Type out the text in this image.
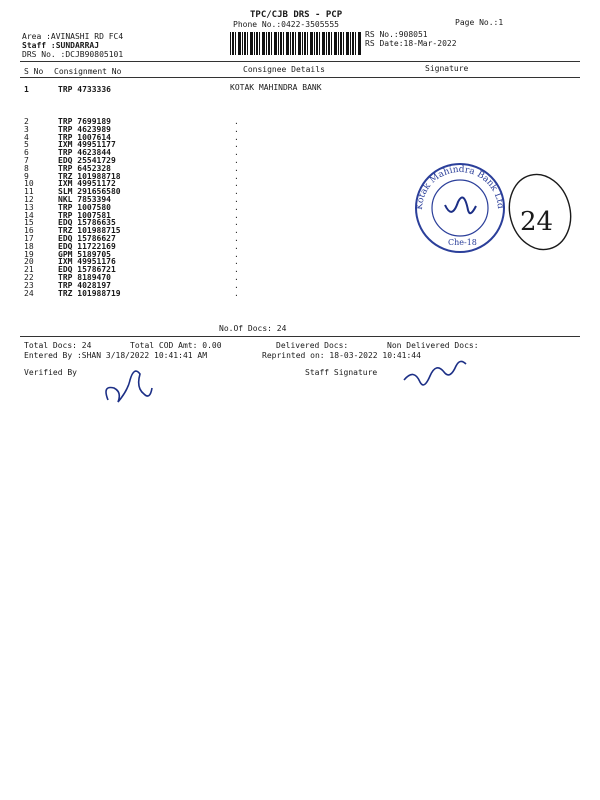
TPC/CJB DRS - PCP
Phone No.:0422-3505555	Page No.:1
Area :AVINASHI RD FC4
Staff :SUNDARRAJ
DRS No. :DCJB90805101
RS No.:908051
RS Date:18-Mar-2022
S No Consignment No	Consignee Details	Signature
1	TRP 4733336	KOTAK MAHINDRA BANK
2	TRP 7699189	.
3	TRP 4623989	.
4	TRP 1007614	.
5	IXM 49951177	.
6	TRP 4623844	.
7	EDQ 25541729	.
8	TRP 6452328	.
9	TRZ 101988718	.
10	IXM 49951172	.
11	SLM 291656580	.
12	NKL 7853394	.
13	TRP 1007580	.
14	TRP 1007581	.
15	EDQ 15786635	.
16	TRZ 101988715	.
17	EDQ 15786627	.
18	EDQ 11722169	.
19	GPM 5189705	.
20	IXM 49951176	.
21	EDQ 15786721	.
22	TRP 8189470	.
23	TRP 4028197	.
24	TRZ 101988719	.
No.Of Docs: 24
Total Docs: 24	Total COD Amt: 0.00	Delivered Docs:	Non Delivered Docs:
Entered By :SHAN 3/18/2022 10:41:41 AM	Reprinted on: 18-03-2022 10:41:44
Verified By	Staff Signature
Kotak Mahindra Bank Ltd
Che-18
24
